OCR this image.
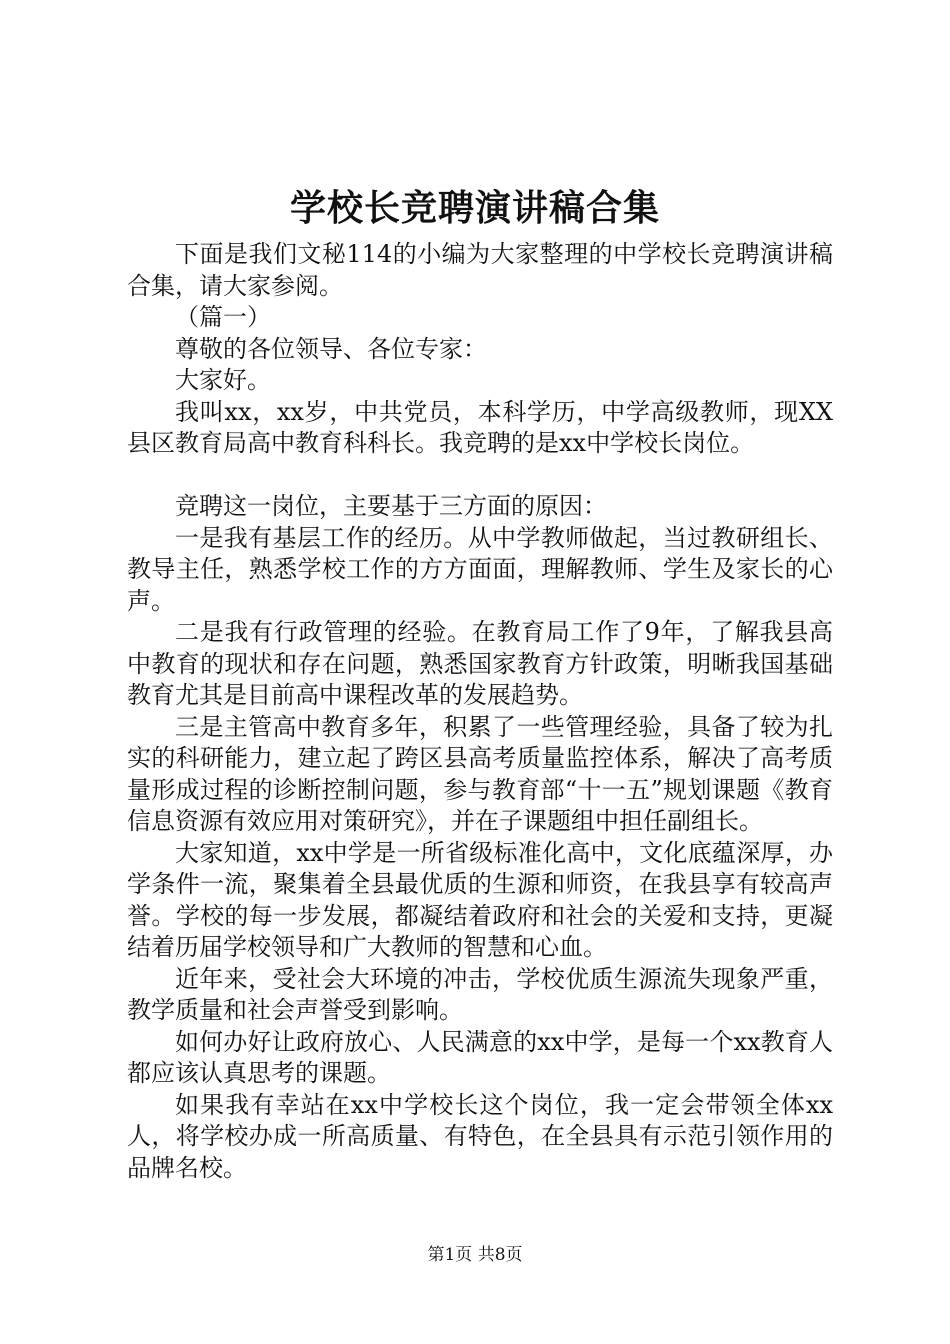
学校长竞聘演讲稿合集

下面是我们文秘114的小编为大家整理的中学校长竞聘演讲稿合集，请大家参阅。

（篇一）

尊敬的各位领导、各位专家：

大家好。

我叫xx，xx岁，中共党员，本科学历，中学高级教师，现XX县区教育局高中教育科科长。我竞聘的是xx中学校长岗位。

竞聘这一岗位，主要基于三方面的原因：

一是我有基层工作的经历。从中学教师做起，当过教研组长、教导主任，熟悉学校工作的方方面面，理解教师、学生及家长的心声。

二是我有行政管理的经验。在教育局工作了9年，了解我县高中教育的现状和存在问题，熟悉国家教育方针政策，明晰我国基础教育尤其是目前高中课程改革的发展趋势。

三是主管高中教育多年，积累了一些管理经验，具备了较为扎实的科研能力，建立起了跨区县高考质量监控体系，解决了高考质量形成过程的诊断控制问题，参与教育部“十一五”规划课题《教育信息资源有效应用对策研究》，并在子课题组中担任副组长。

大家知道，xx中学是一所省级标准化高中，文化底蕴深厚，办学条件一流，聚集着全县最优质的生源和师资，在我县享有较高声誉。学校的每一步发展，都凝结着政府和社会的关爱和支持，更凝结着历届学校领导和广大教师的智慧和心血。

近年来，受社会大环境的冲击，学校优质生源流失现象严重，教学质量和社会声誉受到影响。

如何办好让政府放心、人民满意的xx中学，是每一个xx教育人都应该认真思考的课题。

如果我有幸站在xx中学校长这个岗位，我一定会带领全体xx人，将学校办成一所高质量、有特色，在全县具有示范引领作用的品牌名校。

第1页 共8页
